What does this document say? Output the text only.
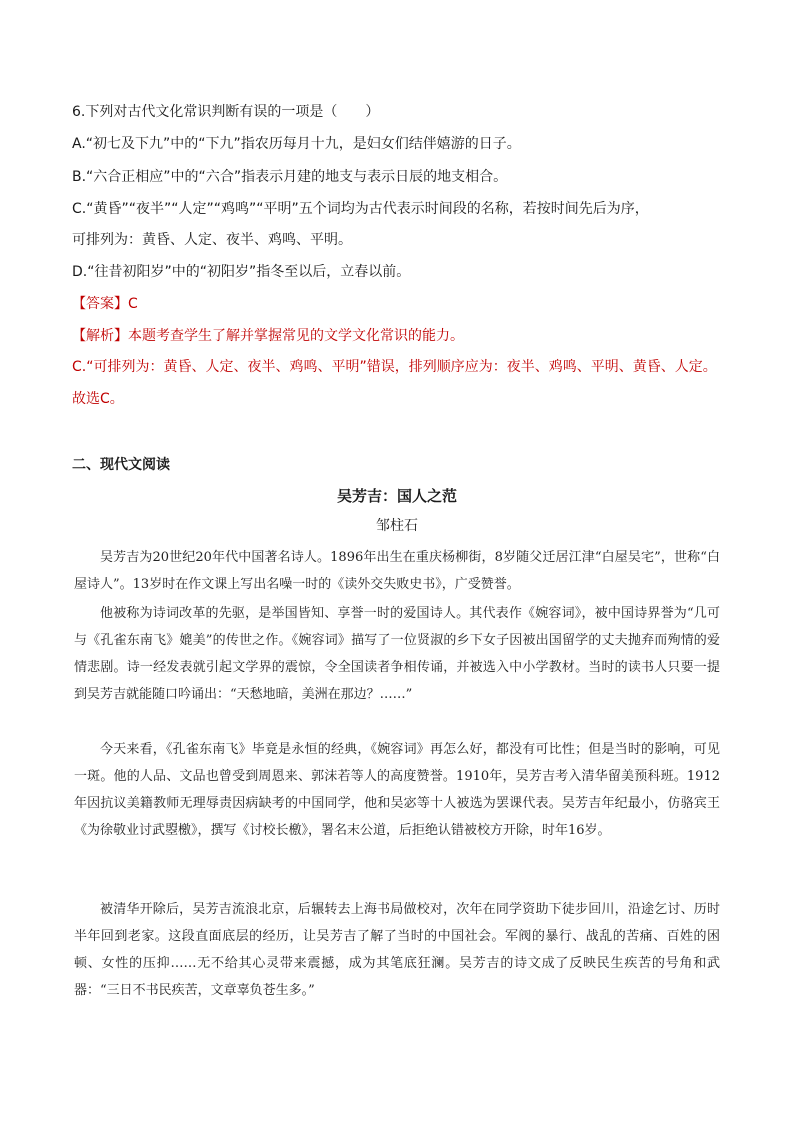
6.下列对古代文化常识判断有误的一项是（　　）

A.“初七及下九”中的“下九”指农历每月十九，是妇女们结伴嬉游的日子。

B.“六合正相应”中的“六合”指表示月建的地支与表示日辰的地支相合。

C.“黄昏”“夜半”“人定”“鸡鸣”“平明”五个词均为古代表示时间段的名称，若按时间先后为序，

可排列为：黄昏、人定、夜半、鸡鸣、平明。

D.“往昔初阳岁”中的“初阳岁”指冬至以后，立春以前。

【答案】C

【解析】本题考查学生了解并掌握常见的文学文化常识的能力。

C.“可排列为：黄昏、人定、夜半、鸡鸣、平明”错误，排列顺序应为：夜半、鸡鸣、平明、黄昏、人定。

故选C。

二、现代文阅读

吴芳吉：国人之范

邹柱石

吴芳吉为20世纪20年代中国著名诗人。1896年出生在重庆杨柳街，8岁随父迁居江津“白屋吴宅”，世称“白屋诗人”。13岁时在作文课上写出名噪一时的《读外交失败史书》，广受赞誉。

他被称为诗词改革的先驱，是举国皆知、享誉一时的爱国诗人。其代表作《婉容词》，被中国诗界誉为“几可与《孔雀东南飞》媲美”的传世之作。《婉容词》描写了一位贤淑的乡下女子因被出国留学的丈夫抛弃而殉情的爱情悲剧。诗一经发表就引起文学界的震惊，令全国读者争相传诵，并被选入中小学教材。当时的读书人只要一提到吴芳吉就能随口吟诵出：“天愁地暗，美洲在那边？……”

今天来看，《孔雀东南飞》毕竟是永恒的经典，《婉容词》再怎么好，都没有可比性；但是当时的影响，可见一斑。他的人品、文品也曾受到周恩来、郭沫若等人的高度赞誉。1910年，吴芳吉考入清华留美预科班。1912年因抗议美籍教师无理辱责因病缺考的中国同学，他和吴宓等十人被选为罢课代表。吴芳吉年纪最小，仿骆宾王《为徐敬业讨武曌檄》，撰写《讨校长檄》，署名末公道，后拒绝认错被校方开除，时年16岁。

被清华开除后，吴芳吉流浪北京，后辗转去上海书局做校对，次年在同学资助下徒步回川，沿途乞讨、历时半年回到老家。这段直面底层的经历，让吴芳吉了解了当时的中国社会。军阀的暴行、战乱的苦痛、百姓的困顿、女性的压抑……无不给其心灵带来震撼，成为其笔底狂澜。吴芳吉的诗文成了反映民生疾苦的号角和武器：“三日不书民疾苦，文章辜负苍生多。”
